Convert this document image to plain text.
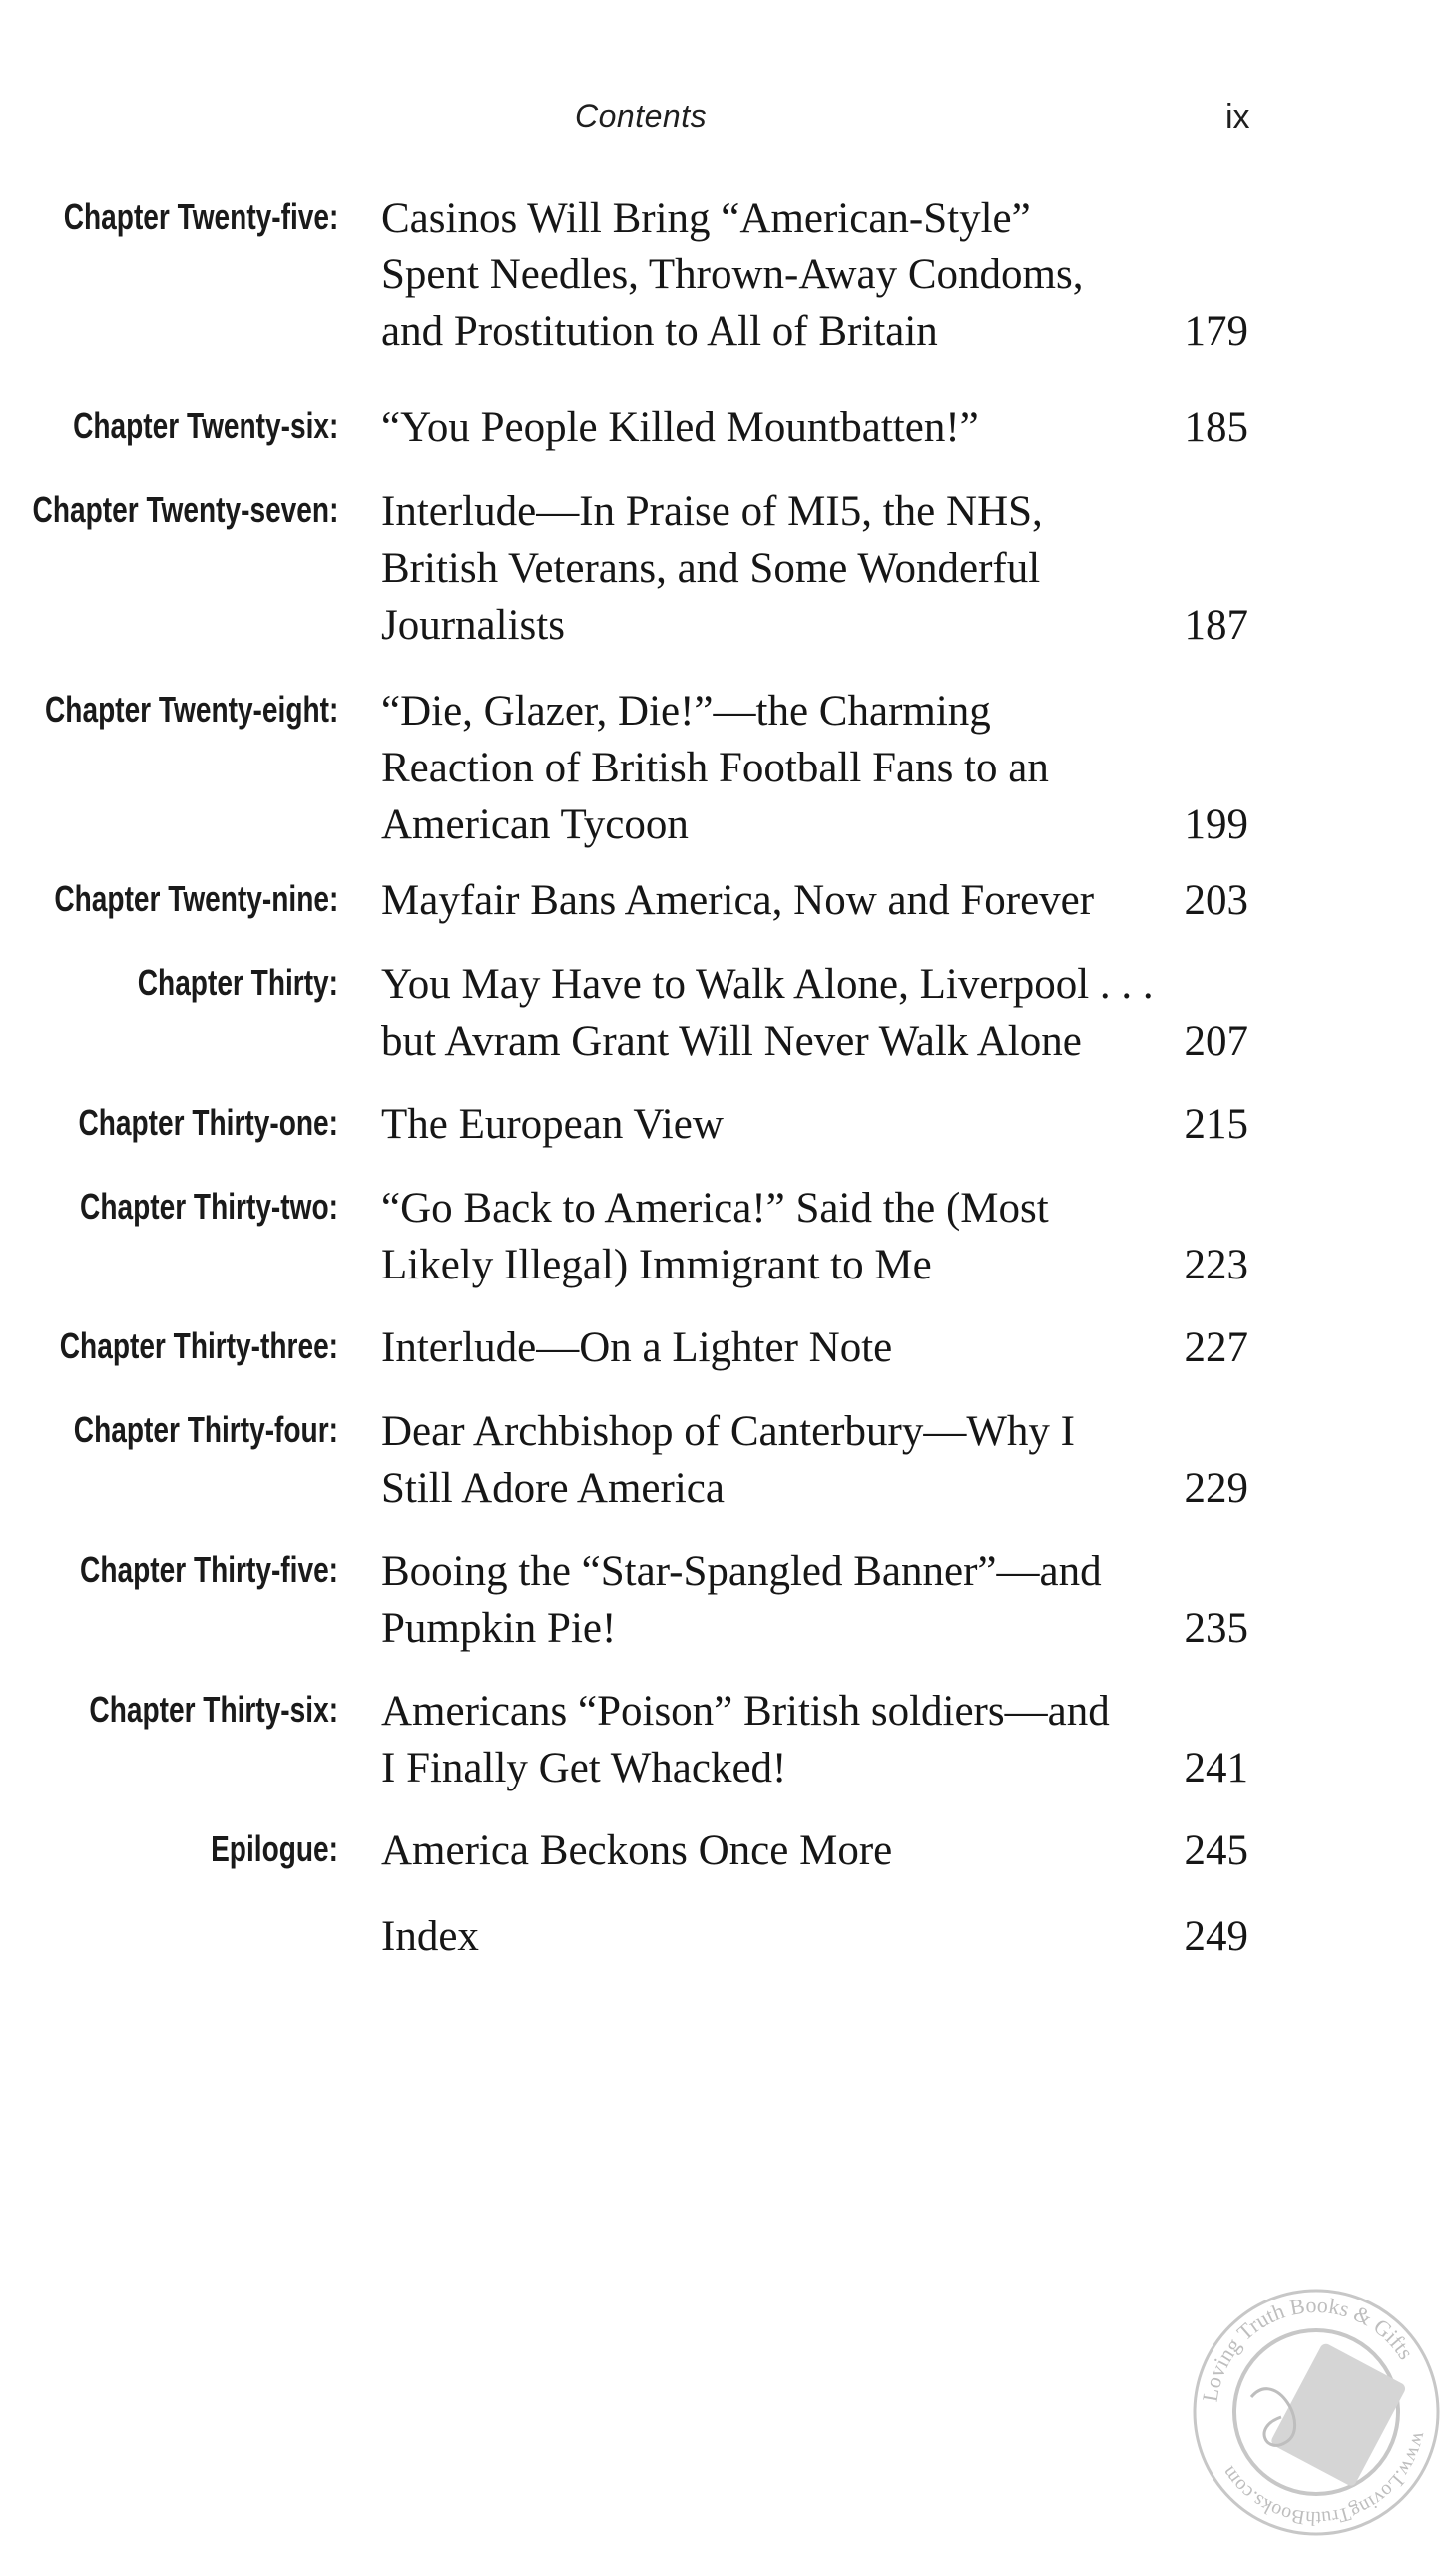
Contents	ix
Chapter Twenty-five: Casinos Will Bring “American-Style”
Spent Needles, Thrown-Away Condoms,
and Prostitution to All of Britain	179
Chapter Twenty-six: “You People Killed Mountbatten!”	185
Chapter Twenty-seven: Interlude—In Praise of MI5, the NHS,
British Veterans, and Some Wonderful
Journalists	187
Chapter Twenty-eight: “Die, Glazer, Die!”—the Charming
Reaction of British Football Fans to an
American Tycoon	199
Chapter Twenty-nine: Mayfair Bans America, Now and Forever	203
Chapter Thirty: You May Have to Walk Alone, Liverpool . . .
but Avram Grant Will Never Walk Alone	207
Chapter Thirty-one: The European View	215
Chapter Thirty-two: “Go Back to America!” Said the (Most
Likely Illegal) Immigrant to Me	223
Chapter Thirty-three: Interlude—On a Lighter Note	227
Chapter Thirty-four: Dear Archbishop of Canterbury—Why I
Still Adore America	229
Chapter Thirty-five: Booing the “Star-Spangled Banner”—and
Pumpkin Pie!	235
Chapter Thirty-six: Americans “Poison” British soldiers—and
I Finally Get Whacked!	241
Epilogue: America Beckons Once More	245
Index	249
Loving Truth Books & Gifts
www.LovingTruthBooks.com
